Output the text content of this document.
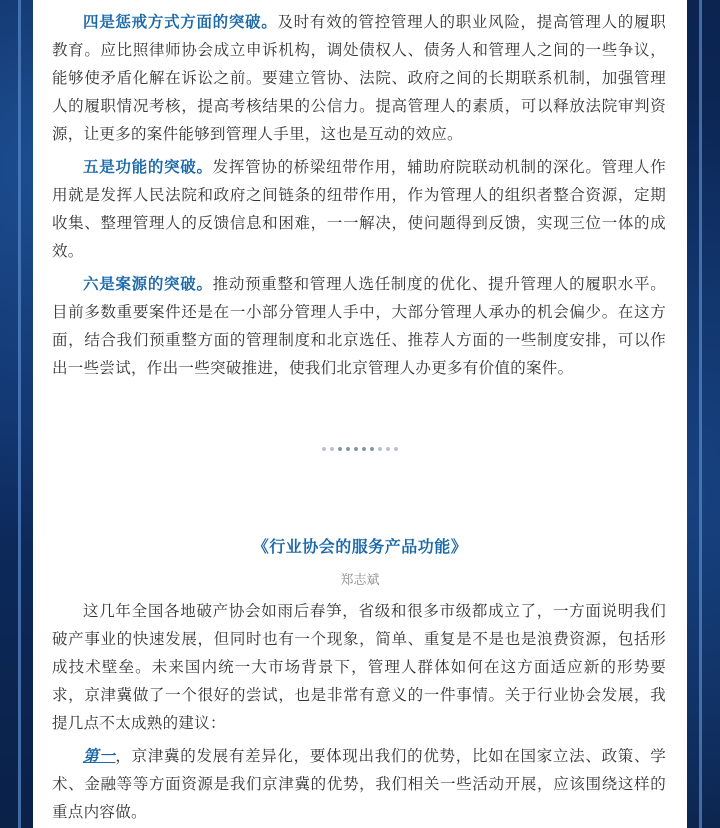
四是惩戒方式方面的突破。及时有效的管控管理人的职业风险，提高管理人的履职教育。应比照律师协会成立申诉机构，调处债权人、债务人和管理人之间的一些争议，能够使矛盾化解在诉讼之前。要建立管协、法院、政府之间的长期联系机制，加强管理人的履职情况考核，提高考核结果的公信力。提高管理人的素质，可以释放法院审判资源，让更多的案件能够到管理人手里，这也是互动的效应。

五是功能的突破。发挥管协的桥梁纽带作用，辅助府院联动机制的深化。管理人作用就是发挥人民法院和政府之间链条的纽带作用，作为管理人的组织者整合资源，定期收集、整理管理人的反馈信息和困难，一一解决，使问题得到反馈，实现三位一体的成效。

六是案源的突破。推动预重整和管理人选任制度的优化、提升管理人的履职水平。目前多数重要案件还是在一小部分管理人手中，大部分管理人承办的机会偏少。在这方面，结合我们预重整方面的管理制度和北京选任、推荐人方面的一些制度安排，可以作出一些尝试，作出一些突破推进，使我们北京管理人办更多有价值的案件。

《行业协会的服务产品功能》

郑志斌

这几年全国各地破产协会如雨后春笋，省级和很多市级都成立了，一方面说明我们破产事业的快速发展，但同时也有一个现象，简单、重复是不是也是浪费资源，包括形成技术壁垒。未来国内统一大市场背景下，管理人群体如何在这方面适应新的形势要求，京津冀做了一个很好的尝试，也是非常有意义的一件事情。关于行业协会发展，我提几点不太成熟的建议：

第一，京津冀的发展有差异化，要体现出我们的优势，比如在国家立法、政策、学术、金融等等方面资源是我们京津冀的优势，我们相关一些活动开展，应该围绕这样的重点内容做。
